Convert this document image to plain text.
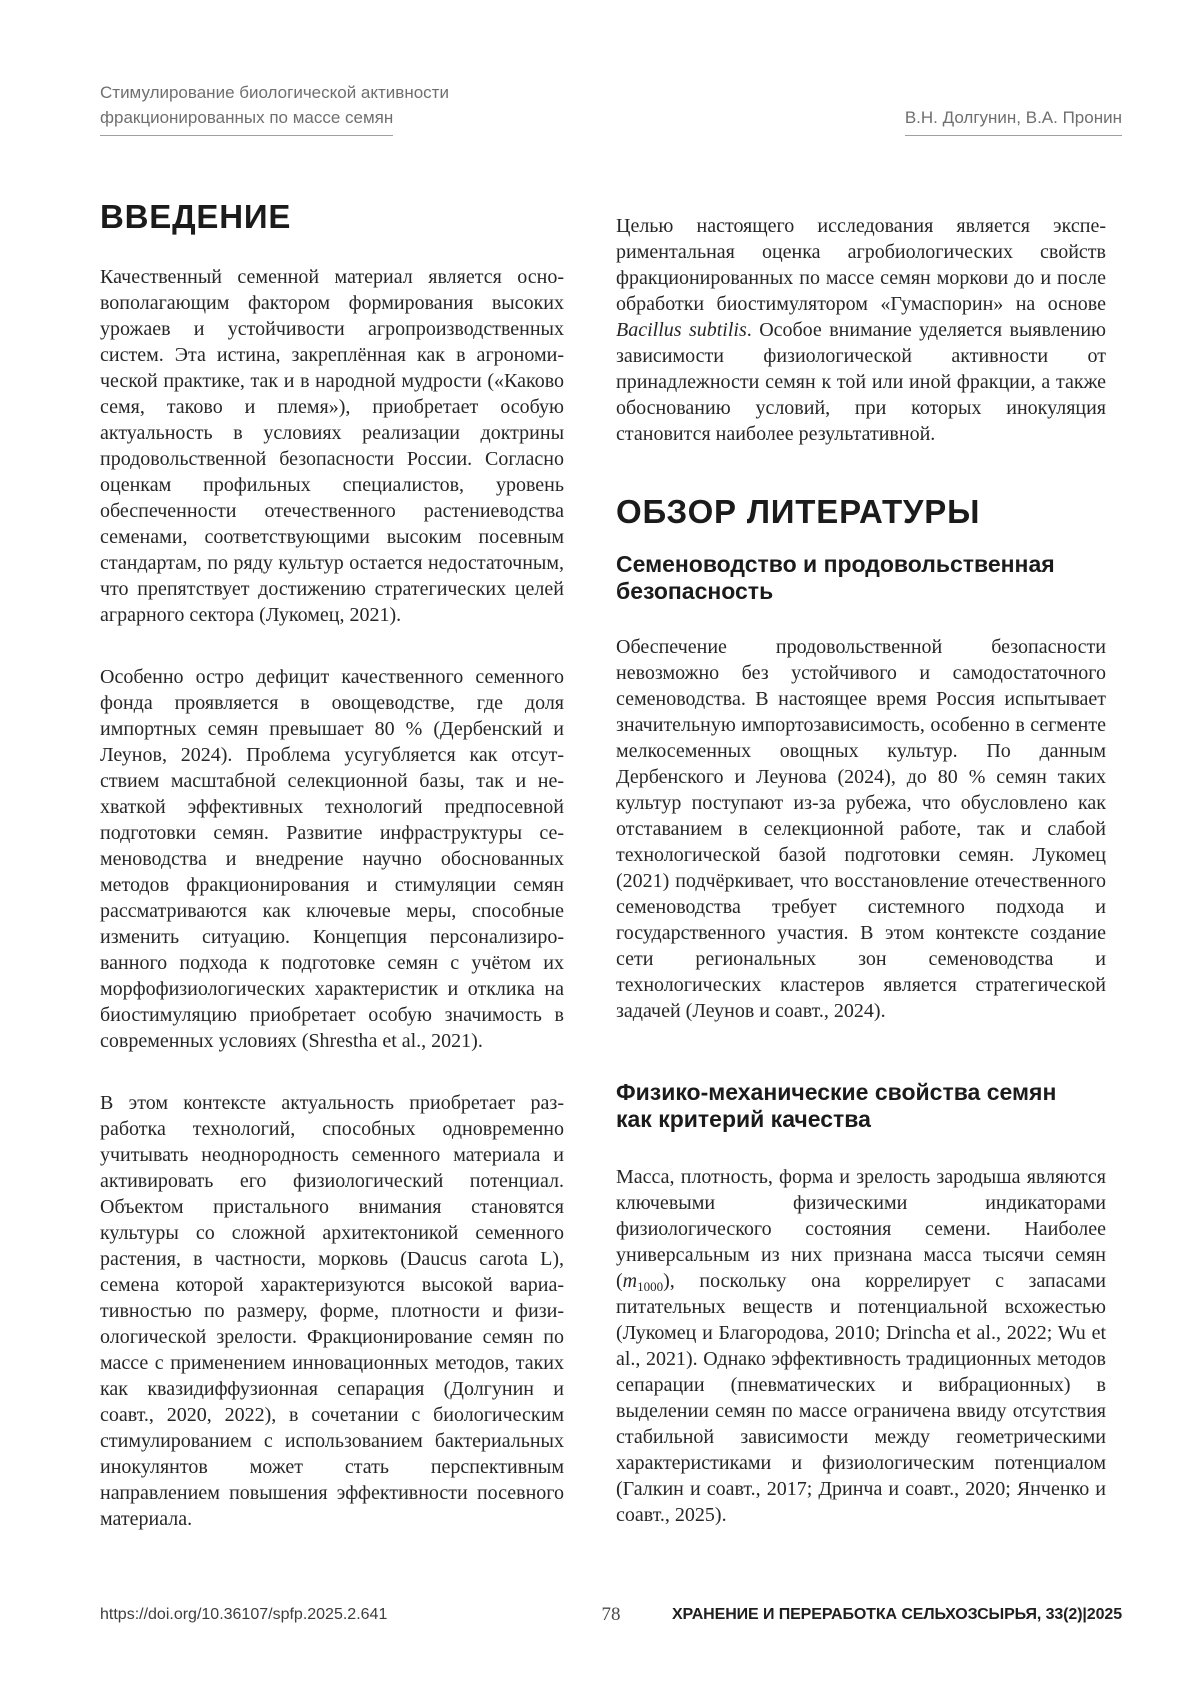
Стимулирование биологической активности
фракционированных по массе семян	В.Н. Долгунин, В.А. Пронин
ВВЕДЕНИЕ

Качественный семенной материал является основополагающим фактором формирования высоких урожаев и устойчивости агропроизводственных систем. Эта истина, закреплённая как в агрономической практике, так и в народной мудрости («Каково семя, таково и племя»), приобретает особую актуальность в условиях реализации доктрины продовольственной безопасности России. Согласно оценкам профильных специалистов, уровень обеспеченности отечественного растениеводства семенами, соответствующими высоким посевным стандартам, по ряду культур остается недостаточным, что препятствует достижению стратегических целей аграрного сектора (Лукомец, 2021).

Особенно остро дефицит качественного семенного фонда проявляется в овощеводстве, где доля импортных семян превышает 80 % (Дербенский и Леунов, 2024). Проблема усугубляется как отсутствием масштабной селекционной базы, так и нехваткой эффективных технологий предпосевной подготовки семян. Развитие инфраструктуры семеноводства и внедрение научно обоснованных методов фракционирования и стимуляции семян рассматриваются как ключевые меры, способные изменить ситуацию. Концепция персонализированного подхода к подготовке семян с учётом их морфофизиологических характеристик и отклика на биостимуляцию приобретает особую значимость в современных условиях (Shrestha et al., 2021).

В этом контексте актуальность приобретает разработка технологий, способных одновременно учитывать неоднородность семенного материала и активировать его физиологический потенциал. Объектом пристального внимания становятся культуры со сложной архитектоникой семенного растения, в частности, морковь (Daucus carota L), семена которой характеризуются высокой вариативностью по размеру, форме, плотности и физиологической зрелости. Фракционирование семян по массе с применением инновационных методов, таких как квазидиффузионная сепарация (Долгунин и соавт., 2020, 2022), в сочетании с биологическим стимулированием с использованием бактериальных инокулянтов может стать перспективным направлением повышения эффективности посевного материала.

Целью настоящего исследования является экспериментальная оценка агробиологических свойств фракционированных по массе семян моркови до и после обработки биостимулятором «Гумаспорин» на основе Bacillus subtilis. Особое внимание уделяется выявлению зависимости физиологической активности от принадлежности семян к той или иной фракции, а также обоснованию условий, при которых инокуляция становится наиболее результативной.

ОБЗОР ЛИТЕРАТУРЫ
Семеноводство и продовольственная
безопасность

Обеспечение продовольственной безопасности невозможно без устойчивого и самодостаточного семеноводства. В настоящее время Россия испытывает значительную импортозависимость, особенно в сегменте мелкосеменных овощных культур. По данным Дербенского и Леунова (2024), до 80 % семян таких культур поступают из-за рубежа, что обусловлено как отставанием в селекционной работе, так и слабой технологической базой подготовки семян. Лукомец (2021) подчёркивает, что восстановление отечественного семеноводства требует системного подхода и государственного участия. В этом контексте создание сети региональных зон семеноводства и технологических кластеров является стратегической задачей (Леунов и соавт., 2024).

Физико-механические свойства семян
как критерий качества

Масса, плотность, форма и зрелость зародыша являются ключевыми физическими индикаторами физиологического состояния семени. Наиболее универсальным из них признана масса тысячи семян $(m_{1000})$, поскольку она коррелирует с запасами питательных веществ и потенциальной всхожестью (Лукомец и Благородова, 2010; Drincha et al., 2022; Wu et al., 2021). Однако эффективность традиционных методов сепарации (пневматических и вибрационных) в выделении семян по массе ограничена ввиду отсутствия стабильной зависимости между геометрическими характеристиками и физиологическим потенциалом (Галкин и соавт., 2017; Дринча и соавт., 2020; Янченко и соавт., 2025).

https://doi.org/10.36107/spfp.2025.2.641	78	ХРАНЕНИЕ И ПЕРЕРАБОТКА СЕЛЬХОЗСЫРЬЯ, 33(2)|2025
